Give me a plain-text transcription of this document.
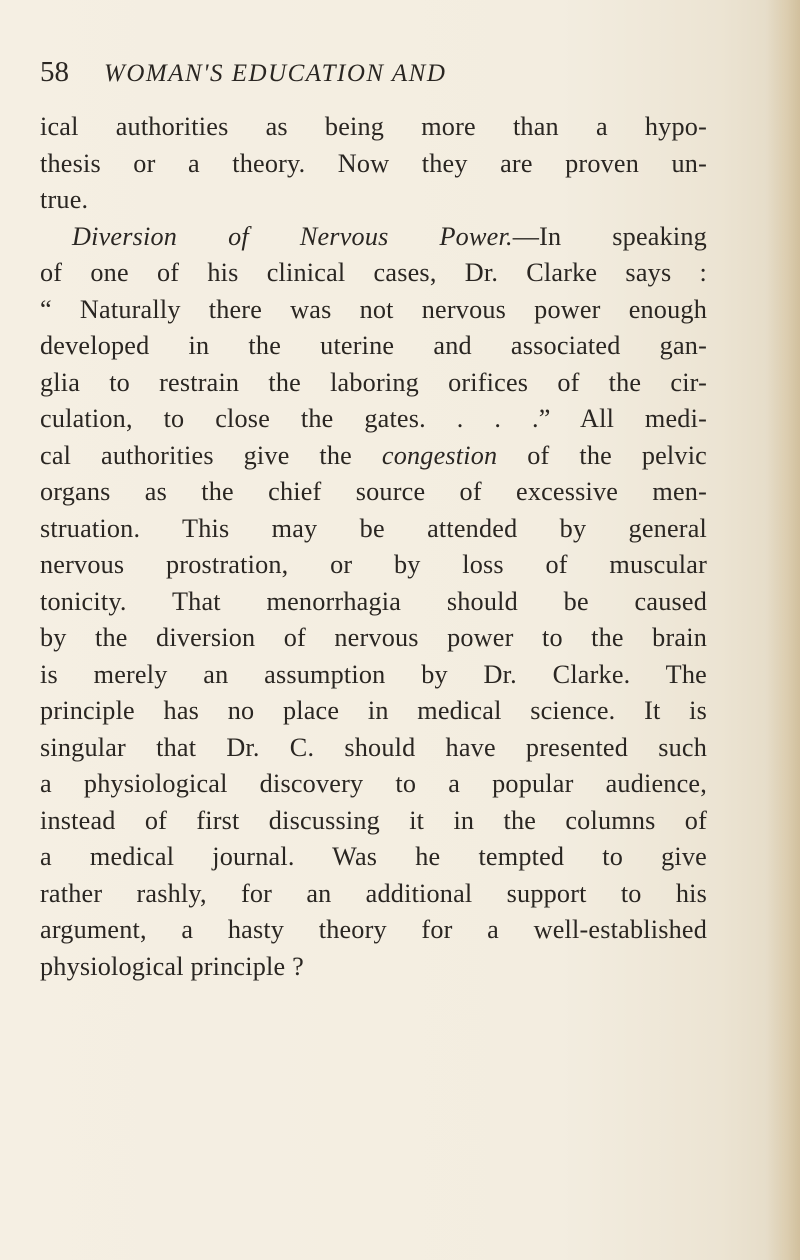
58	WOMAN'S EDUCATION AND
ical authorities as being more than a hypo-
thesis or a theory. Now they are proven un-
true.
Diversion of Nervous Power.—In speaking
of one of his clinical cases, Dr. Clarke says :
“ Naturally there was not nervous power enough
developed in the uterine and associated gan-
glia to restrain the laboring orifices of the cir-
culation, to close the gates. . . .” All medi-
cal authorities give the congestion of the pelvic
organs as the chief source of excessive men-
struation. This may be attended by general
nervous prostration, or by loss of muscular
tonicity. That menorrhagia should be caused
by the diversion of nervous power to the brain
is merely an assumption by Dr. Clarke. The
principle has no place in medical science. It is
singular that Dr. C. should have presented such
a physiological discovery to a popular audience,
instead of first discussing it in the columns of
a medical journal. Was he tempted to give
rather rashly, for an additional support to his
argument, a hasty theory for a well-established
physiological principle ?
